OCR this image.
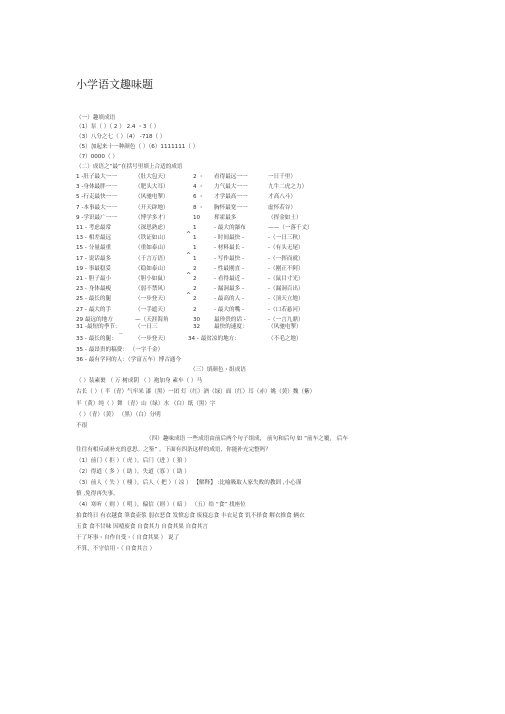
小学语文趣味题
（一）趣填成语
（1）泵（ ）（ 2 ） 2.4 ・3（ ）
（3）八分之七（ ）（4） -718（ ）
（5）加起来十一种颜色（ ）（6）1111111（ ）
（7）0000（ ）
（二）成语之“最”在括号里填上合适的成语
1 -肚子最大一一	（肚大包天）	2 ・ 看得最远一一	一日千里）
3 -身体最胖一一	（肥头大耳）	4 ・ 力气最大一一	九牛二虎之力）
5 -行走最快一一	（风驰电掣）	6 ・ 才学最高一一	才高八斗）
7 -本事最大一一	（开天辟地）	8 ・ 胸怀最宽一一	虚怀若谷）
9 -学识最广一一	（博学多才）	10 挥霍最多	（挥金如土）
11 - 考虑最常	（深思熟虑）	1	- 最大的瀑布	——（一落千丈）
13 - 相差最远	（铁证如山）	1	- 时间最快 -	-（一日三秋）
^
15 - 分量最重	（重如泰山）	1	- 材料最长 -	-（有头无尾）
17 - 说话最多	（千言万语）	1	- 写作最快 -	-（一挥而就）
^
19 - 事最稳妥	（稳如泰山）	2	- 性最刚直 -	-（刚正不阿）
21 - 胆子最小	（胆小如鼠）	2	- 看得最近 -	-（鼠目寸光）
^
23 - 身体最瘦	（弱不禁风）	2	- 漏洞最多 -	-（漏洞百出）
25 - 最长的腿	（一步登天）	2	- 最高的人 -	-（顶天立地）
^
27 - 最大的手	（一手遮天）	2	- 最大的嘴 -	-（口若悬河）
29 最远的地方	—（天涯海角	30 最珍贵的话 -	-（一言九鼎）
31 -最短的季节：	（一日三	32 最快的速度：	（风驰电掣）
33 - 最长的腿：	（一步登天）	34 - 最贫凉的地方：	（不毛之地）
..
35 - 最昂贵的稿费： （一字千金）
36 - 最有学问的人：（学富五车）博古通今
（三）填颜色・组成语
（ ）装素裹 （ 万 树成阴 （ ）袍加身 素车（ ）马
古长（ ）（ 半（青）气牢米 漆（黑）一团 灯（红）酒（绿）面（红）耳（赤）姚（黄）魏（紫）
半（黄）纯（ ）舞 （青）山（绿）水 （白）纸（黑）字
（ ）（青）（黄） （黑）（白）分明
不很
（四）趣味成语 一些成语由前后两个句子组成， 前句和后句 如 “前车之覆， 后车
往往有相反或补充的意思。之鉴” 。下面有四条这样的成语，你能补充完整吗？
（1）前门（ 拒 ）（ 虎 ），后门（进 ）（ 狼 ）
（2）得道（ 多 ）（ 助 ），失道（寡 ）（ 助 ）
（3）前人（ 失 ）（ 栩 ），后人（ 把 ）（ 凉 ） 【解释】 :比喻吸取人家失败的教训 ,小心谨
慎 ,免得再失事。
（4）寒听（ 则 ）（ 明 ），偏信（则 ）（ 暗 ） （五）给 “食” 找座位
拍食终日 有衣越食 筆食壶浆 弱衣恶食 发愤忘食 废寝忘食 丰衣足食 饥不择食 解衣推食 辆衣
玉食 食不甘味 因噎废食 自食其力 自食其果 自食其言
干了坏事・自作自受・（ 自食其果 ） 说了
不算，不守信用・（ 自食其言 ）
